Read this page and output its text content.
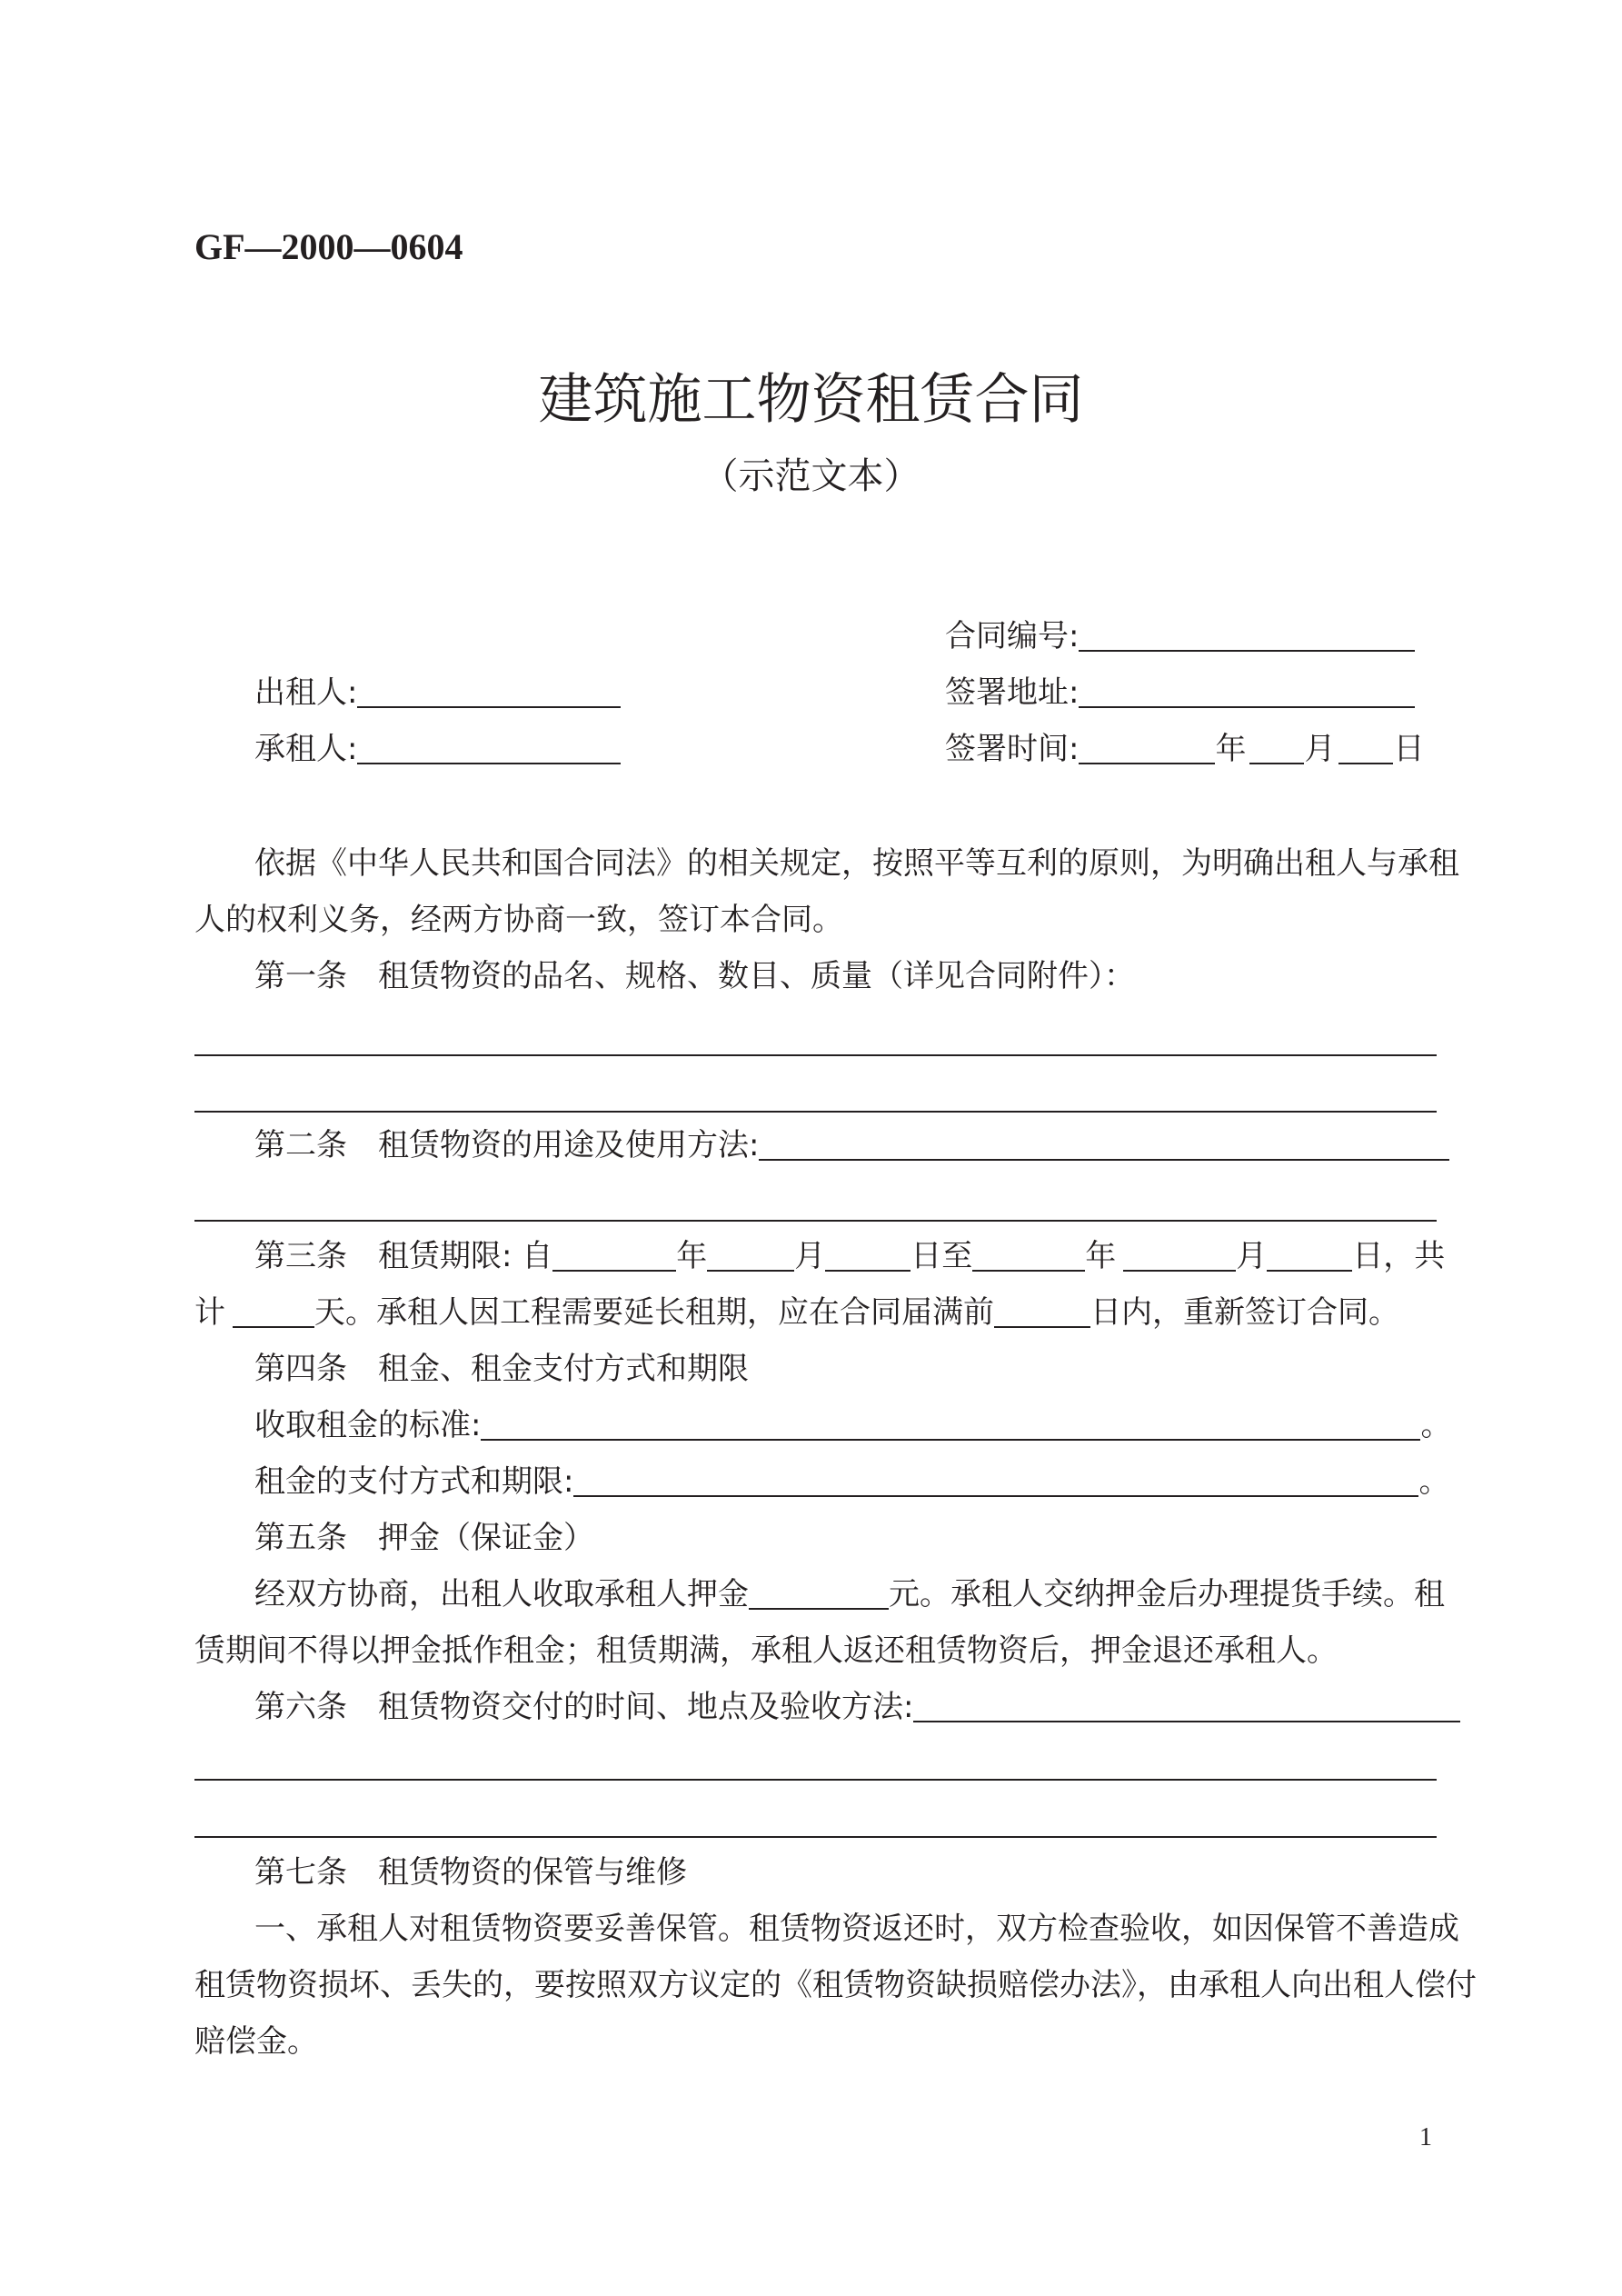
GF—2000—0604
建筑施工物资租赁合同
（示范文本）
合同编号:
出租人:	签署地址:
承租人:	签署时间:	年 月 日
依据《中华人民共和国合同法》的相关规定，按照平等互利的原则，为明确出租人与承租
人的权利义务，经两方协商一致，签订本合同。
第一条　租赁物资的品名、规格、数目、质量（详见合同附件）：
第二条　租赁物资的用途及使用方法:
第三条　租赁期限: 自	年	月	日至	年	月	日，共
计	天。承租人因工程需要延长租期，应在合同届满前	日内，重新签订合同。
第四条　租金、租金支付方式和期限
收取租金的标准:	。
租金的支付方式和期限:	。
第五条　押金（保证金）
经双方协商，出租人收取承租人押金	元。承租人交纳押金后办理提货手续。租
赁期间不得以押金抵作租金；租赁期满，承租人返还租赁物资后，押金退还承租人。
第六条　租赁物资交付的时间、地点及验收方法:
第七条　租赁物资的保管与维修
一、承租人对租赁物资要妥善保管。租赁物资返还时，双方检查验收，如因保管不善造成
租赁物资损坏、丢失的，要按照双方议定的《租赁物资缺损赔偿办法》，由承租人向出租人偿付
赔偿金。
1
